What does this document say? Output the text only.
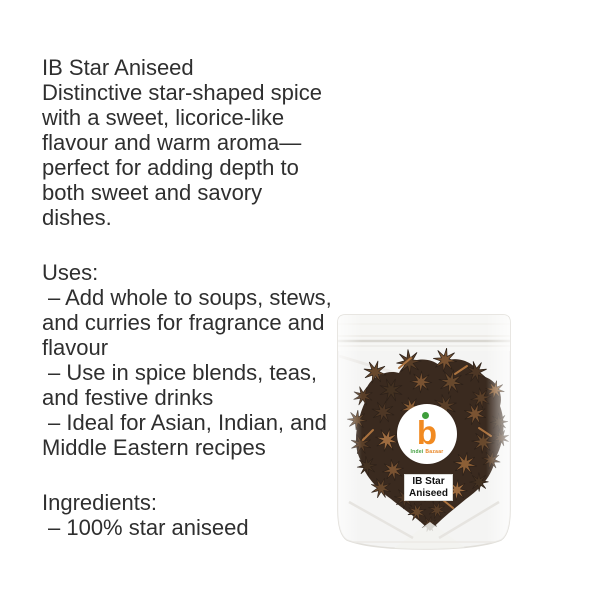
IB Star Aniseed

Distinctive star-shaped spice with a sweet, licorice-like flavour and warm aroma—perfect for adding depth to both sweet and savory dishes.

Uses:

– Add whole to soups, stews, and curries for fragrance and flavour

– Use in spice blends, teas, and festive drinks

– Ideal for Asian, Indian, and Middle Eastern recipes

Ingredients:

– 100% star aniseed

b
Indei Bazaar
IB Star
Aniseed
